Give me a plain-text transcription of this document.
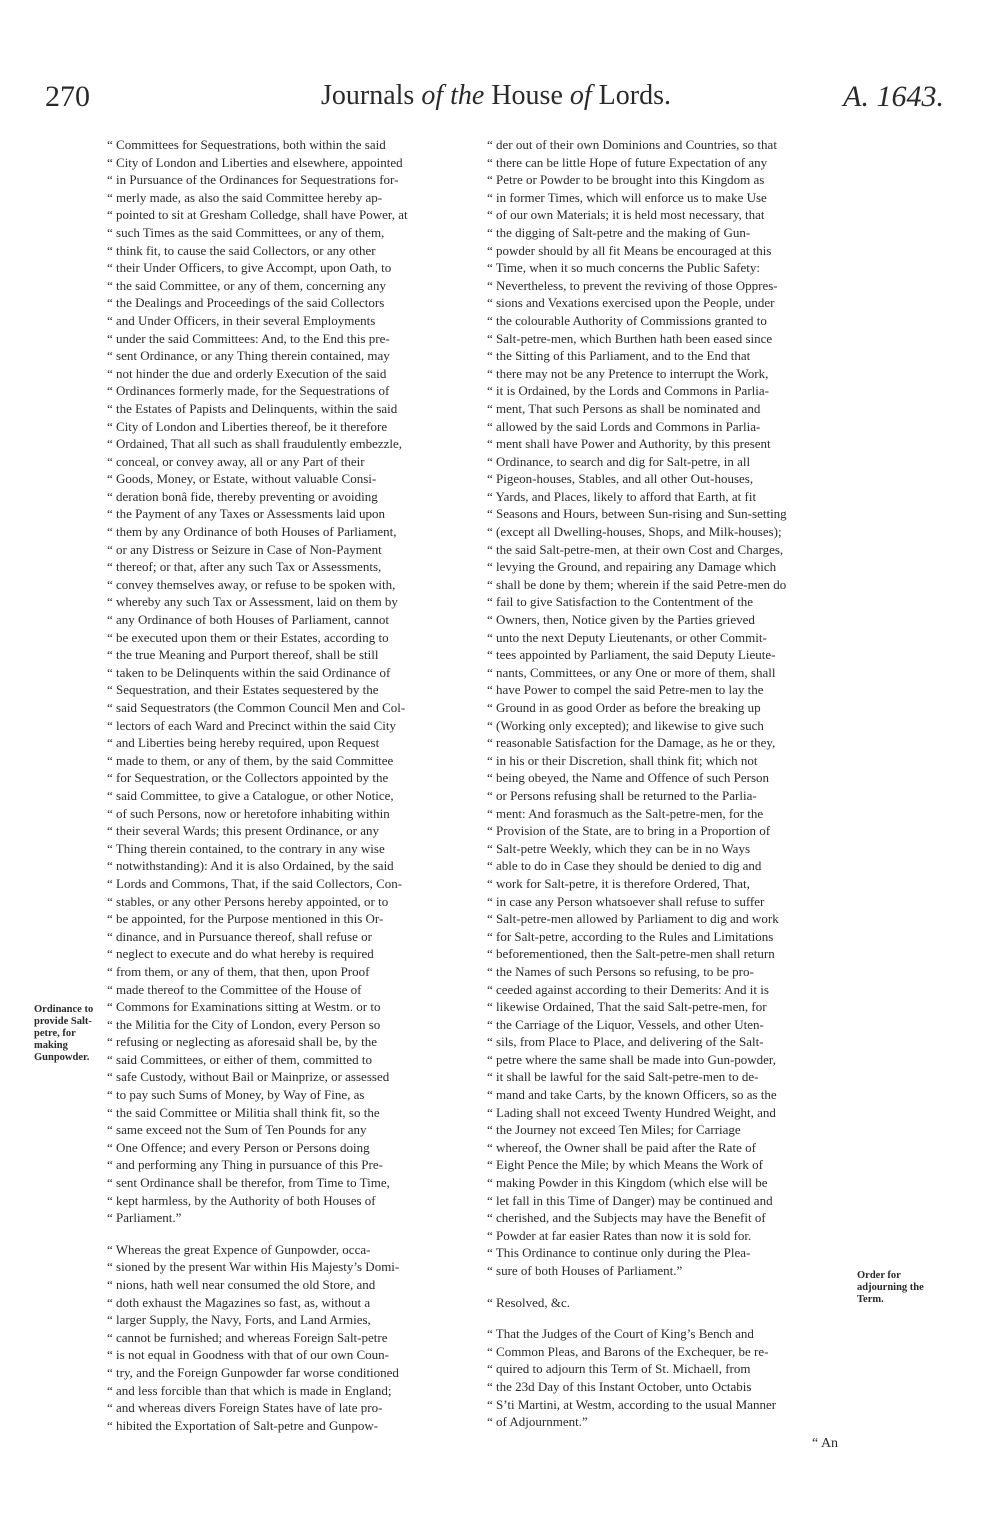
270	Journals of the House of Lords.	A. 1643.

“ Committees for Sequestrations, both within the said
“ City of London and Liberties and elsewhere, appointed
“ in Pursuance of the Ordinances for Sequestrations for-
“ merly made, as also the said Committee hereby ap-
“ pointed to sit at Gresham Colledge, shall have Power, at
“ such Times as the said Committees, or any of them,
“ think fit, to cause the said Collectors, or any other
“ their Under Officers, to give Accompt, upon Oath, to
“ the said Committee, or any of them, concerning any
“ the Dealings and Proceedings of the said Collectors
“ and Under Officers, in their several Employments
“ under the said Committees: And, to the End this pre-
“ sent Ordinance, or any Thing therein contained, may
“ not hinder the due and orderly Execution of the said
“ Ordinances formerly made, for the Sequestrations of
“ the Estates of Papists and Delinquents, within the said
“ City of London and Liberties thereof, be it therefore
“ Ordained, That all such as shall fraudulently embezzle,
“ conceal, or convey away, all or any Part of their
“ Goods, Money, or Estate, without valuable Consi-
“ deration bonâ fide, thereby preventing or avoiding
“ the Payment of any Taxes or Assessments laid upon
“ them by any Ordinance of both Houses of Parliament,
“ or any Distress or Seizure in Case of Non-Payment
“ thereof; or that, after any such Tax or Assessments,
“ convey themselves away, or refuse to be spoken with,
“ whereby any such Tax or Assessment, laid on them by
“ any Ordinance of both Houses of Parliament, cannot
“ be executed upon them or their Estates, according to
“ the true Meaning and Purport thereof, shall be still
“ taken to be Delinquents within the said Ordinance of
“ Sequestration, and their Estates sequestered by the
“ said Sequestrators (the Common Council Men and Col-
“ lectors of each Ward and Precinct within the said City
“ and Liberties being hereby required, upon Request
“ made to them, or any of them, by the said Committee
“ for Sequestration, or the Collectors appointed by the
“ said Committee, to give a Catalogue, or other Notice,
“ of such Persons, now or heretofore inhabiting within
“ their several Wards; this present Ordinance, or any
“ Thing therein contained, to the contrary in any wise
“ notwithstanding): And it is also Ordained, by the said
“ Lords and Commons, That, if the said Collectors, Con-
“ stables, or any other Persons hereby appointed, or to
“ be appointed, for the Purpose mentioned in this Or-
“ dinance, and in Pursuance thereof, shall refuse or
“ neglect to execute and do what hereby is required
“ from them, or any of them, that then, upon Proof
“ made thereof to the Committee of the House of
“ Commons for Examinations sitting at Westm. or to
“ the Militia for the City of London, every Person so
“ refusing or neglecting as aforesaid shall be, by the
“ said Committees, or either of them, committed to
“ safe Custody, without Bail or Mainprize, or assessed
“ to pay such Sums of Money, by Way of Fine, as
“ the said Committee or Militia shall think fit, so the
“ same exceed not the Sum of Ten Pounds for any
“ One Offence; and every Person or Persons doing
“ and performing any Thing in pursuance of this Pre-
“ sent Ordinance shall be therefor, from Time to Time,
“ kept harmless, by the Authority of both Houses of
“ Parliament.”

“ Whereas the great Expence of Gunpowder, occa-
“ sioned by the present War within His Majesty’s Domi-
“ nions, hath well near consumed the old Store, and
“ doth exhaust the Magazines so fast, as, without a
“ larger Supply, the Navy, Forts, and Land Armies,
“ cannot be furnished; and whereas Foreign Salt-petre
“ is not equal in Goodness with that of our own Coun-
“ try, and the Foreign Gunpowder far worse conditioned
“ and less forcible than that which is made in England;
“ and whereas divers Foreign States have of late pro-
“ hibited the Exportation of Salt-petre and Gunpow-

Ordinance to provide Salt-petre, for making Gunpowder.

“ der out of their own Dominions and Countries, so that
“ there can be little Hope of future Expectation of any
“ Petre or Powder to be brought into this Kingdom as
“ in former Times, which will enforce us to make Use
“ of our own Materials; it is held most necessary, that
“ the digging of Salt-petre and the making of Gun-
“ powder should by all fit Means be encouraged at this
“ Time, when it so much concerns the Public Safety:
“ Nevertheless, to prevent the reviving of those Oppres-
“ sions and Vexations exercised upon the People, under
“ the colourable Authority of Commissions granted to
“ Salt-petre-men, which Burthen hath been eased since
“ the Sitting of this Parliament, and to the End that
“ there may not be any Pretence to interrupt the Work,
“ it is Ordained, by the Lords and Commons in Parlia-
“ ment, That such Persons as shall be nominated and
“ allowed by the said Lords and Commons in Parlia-
“ ment shall have Power and Authority, by this present
“ Ordinance, to search and dig for Salt-petre, in all
“ Pigeon-houses, Stables, and all other Out-houses,
“ Yards, and Places, likely to afford that Earth, at fit
“ Seasons and Hours, between Sun-rising and Sun-setting
“ (except all Dwelling-houses, Shops, and Milk-houses);
“ the said Salt-petre-men, at their own Cost and Charges,
“ levying the Ground, and repairing any Damage which
“ shall be done by them; wherein if the said Petre-men do
“ fail to give Satisfaction to the Contentment of the
“ Owners, then, Notice given by the Parties grieved
“ unto the next Deputy Lieutenants, or other Commit-
“ tees appointed by Parliament, the said Deputy Lieute-
“ nants, Committees, or any One or more of them, shall
“ have Power to compel the said Petre-men to lay the
“ Ground in as good Order as before the breaking up
“ (Working only excepted); and likewise to give such
“ reasonable Satisfaction for the Damage, as he or they,
“ in his or their Discretion, shall think fit; which not
“ being obeyed, the Name and Offence of such Person
“ or Persons refusing shall be returned to the Parlia-
“ ment: And forasmuch as the Salt-petre-men, for the
“ Provision of the State, are to bring in a Proportion of
“ Salt-petre Weekly, which they can be in no Ways
“ able to do in Case they should be denied to dig and
“ work for Salt-petre, it is therefore Ordered, That,
“ in case any Person whatsoever shall refuse to suffer
“ Salt-petre-men allowed by Parliament to dig and work
“ for Salt-petre, according to the Rules and Limitations
“ beforementioned, then the Salt-petre-men shall return
“ the Names of such Persons so refusing, to be pro-
“ ceeded against according to their Demerits: And it is
“ likewise Ordained, That the said Salt-petre-men, for
“ the Carriage of the Liquor, Vessels, and other Uten-
“ sils, from Place to Place, and delivering of the Salt-
“ petre where the same shall be made into Gun-powder,
“ it shall be lawful for the said Salt-petre-men to de-
“ mand and take Carts, by the known Officers, so as the
“ Lading shall not exceed Twenty Hundred Weight, and
“ the Journey not exceed Ten Miles; for Carriage
“ whereof, the Owner shall be paid after the Rate of
“ Eight Pence the Mile; by which Means the Work of
“ making Powder in this Kingdom (which else will be
“ let fall in this Time of Danger) may be continued and
“ cherished, and the Subjects may have the Benefit of
“ Powder at far easier Rates than now it is sold for.

“ This Ordinance to continue only during the Plea-
“ sure of both Houses of Parliament.”

“ Resolved, &c.

“ That the Judges of the Court of King’s Bench and
“ Common Pleas, and Barons of the Exchequer, be re-
“ quired to adjourn this Term of St. Michaell, from
“ the 23d Day of this Instant October, unto Octabis
“ S’ti Martini, at Westm, according to the usual Manner
“ of Adjournment.”

Order for adjourning the Term.
“ An
